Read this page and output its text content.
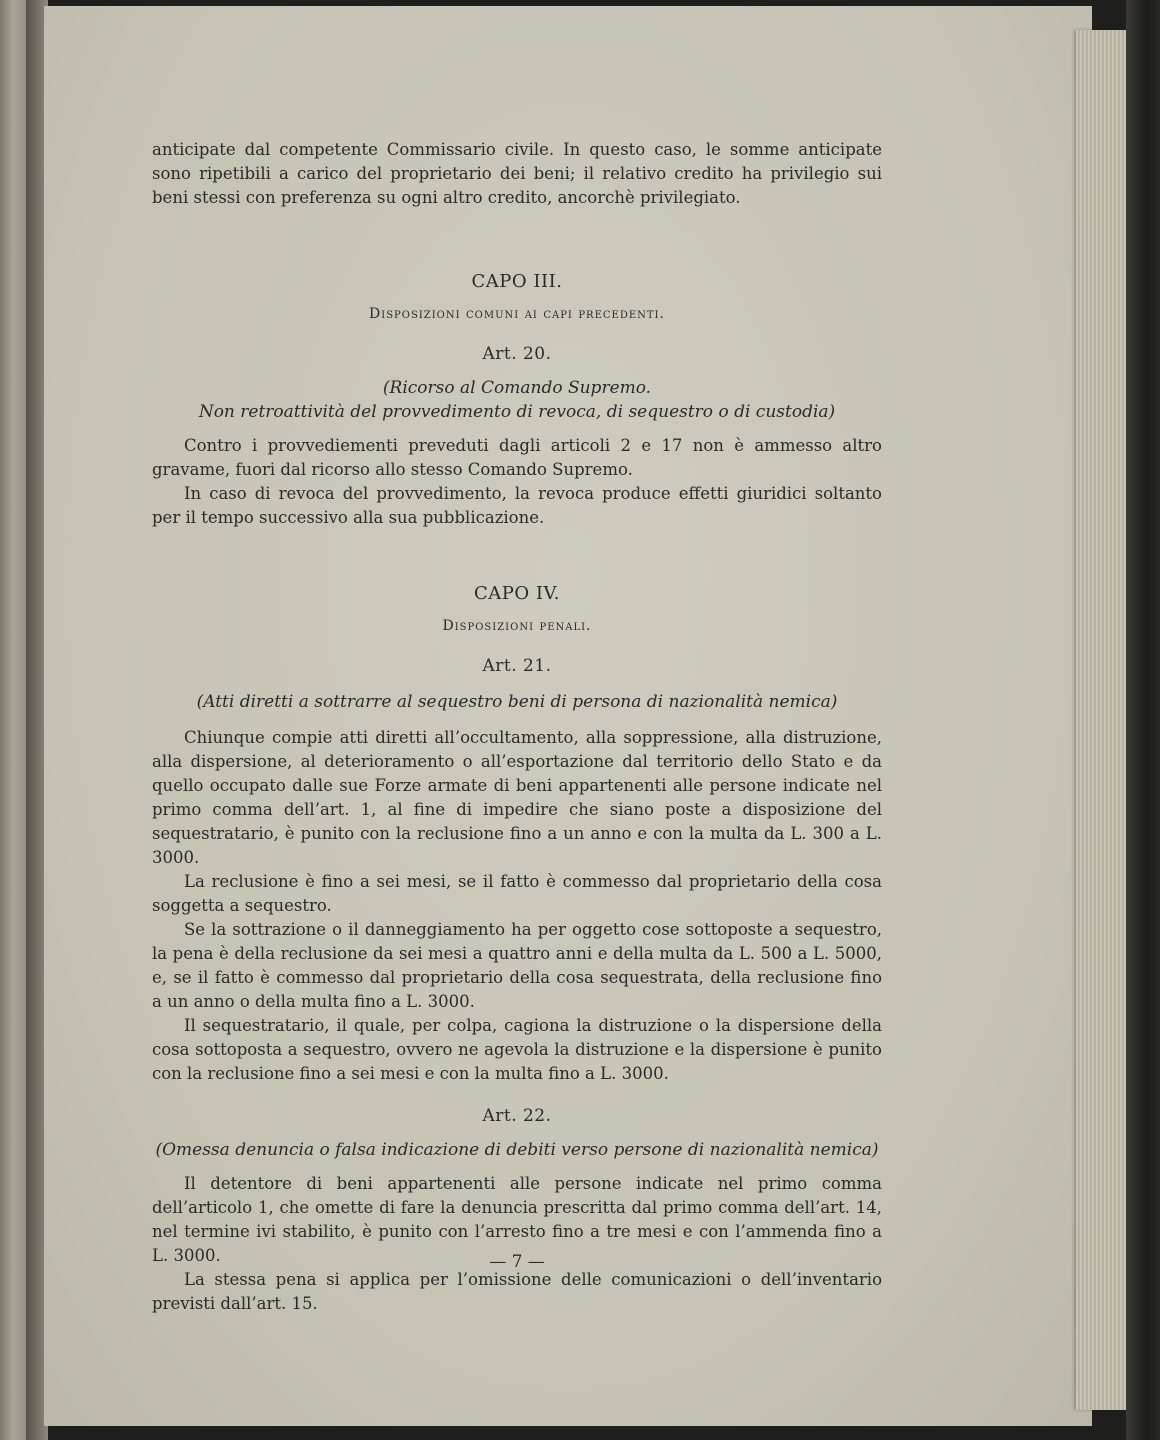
anticipate dal competente Commissario civile. In questo caso, le somme anticipate sono ripetibili a carico del proprietario dei beni; il relativo credito ha privilegio sui beni stessi con preferenza su ogni altro credito, ancorchè privilegiato.

CAPO III.
Disposizioni comuni ai capi precedenti.
Art. 20.
(Ricorso al Comando Supremo.
Non retroattività del provvedimento di revoca, di sequestro o di custodia)

Contro i provvediementi preveduti dagli articoli 2 e 17 non è ammesso altro gravame, fuori dal ricorso allo stesso Comando Supremo.

In caso di revoca del provvedimento, la revoca produce effetti giuridici soltanto per il tempo successivo alla sua pubblicazione.

CAPO IV.
Disposizioni penali.
Art. 21.
(Atti diretti a sottrarre al sequestro beni di persona di nazionalità nemica)

Chiunque compie atti diretti all’occultamento, alla soppressione, alla distruzione, alla dispersione, al deterioramento o all’esportazione dal territorio dello Stato e da quello occupato dalle sue Forze armate di beni appartenenti alle persone indicate nel primo comma dell’art. 1, al fine di impedire che siano poste a disposizione del sequestratario, è punito con la reclusione fino a un anno e con la multa da L. 300 a L. 3000.

La reclusione è fino a sei mesi, se il fatto è commesso dal proprietario della cosa soggetta a sequestro.

Se la sottrazione o il danneggiamento ha per oggetto cose sottoposte a sequestro, la pena è della reclusione da sei mesi a quattro anni e della multa da L. 500 a L. 5000, e, se il fatto è commesso dal proprietario della cosa sequestrata, della reclusione fino a un anno o della multa fino a L. 3000.

Il sequestratario, il quale, per colpa, cagiona la distruzione o la dispersione della cosa sottoposta a sequestro, ovvero ne agevola la distruzione e la dispersione è punito con la reclusione fino a sei mesi e con la multa fino a L. 3000.

Art. 22.
(Omessa denuncia o falsa indicazione di debiti verso persone di nazionalità nemica)

Il detentore di beni appartenenti alle persone indicate nel primo comma dell’articolo 1, che omette di fare la denuncia prescritta dal primo comma dell’art. 14, nel termine ivi stabilito, è punito con l’arresto fino a tre mesi e con l’ammenda fino a L. 3000.

La stessa pena si applica per l’omissione delle comunicazioni o dell’inventario previsti dall’art. 15.

— 7 —
